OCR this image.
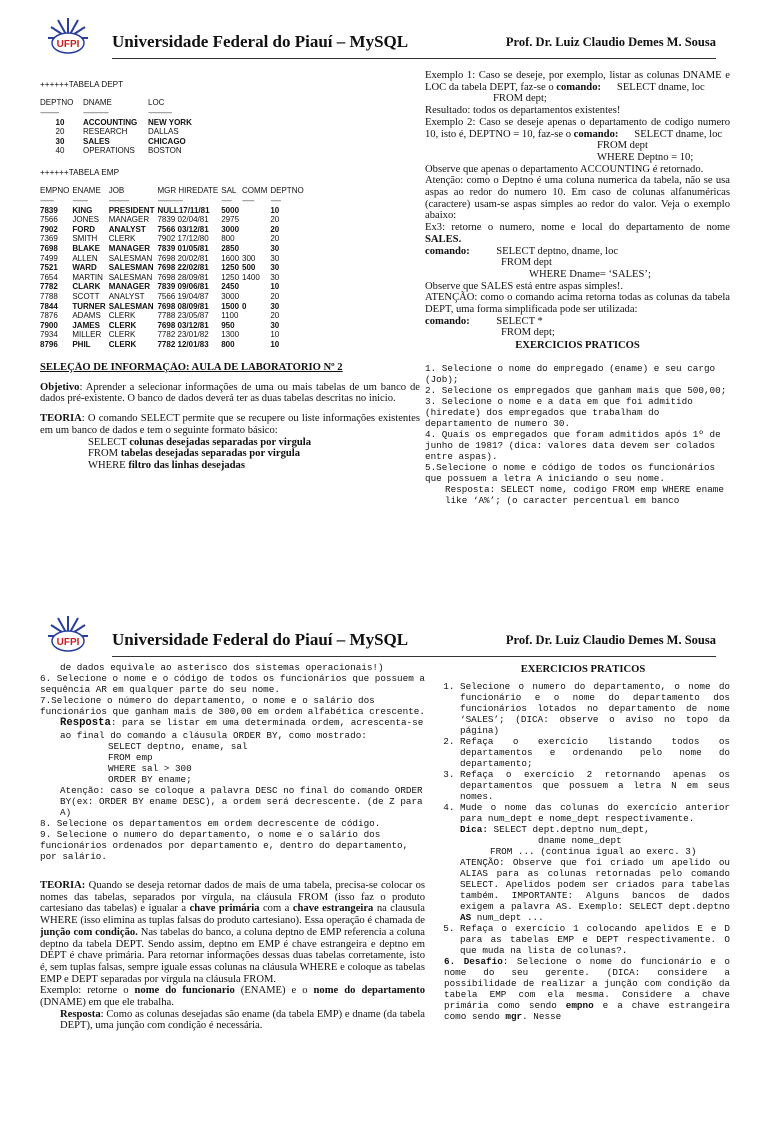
UFPI Universidade Federal do Piauí – MySQL	Prof. Dr. Luiz Claudio Demes M. Sousa
++++++TABELA DEPT
DEPTNO	DNAME	LOC
-----------	---------------	--------------
10	ACCOUNTING	NEW YORK
20	RESEARCH	DALLAS
30	SALES	CHICAGO
40	OPERATIONS	BOSTON
++++++TABELA EMP
EMPNO	ENAME	JOB	MGR HIREDATE	SAL	COMM	DEPTNO
--------	---------	------------	---------------	------	-------	------
7839	KING	PRESIDENT	NULL17/11/81	5000		10
7566	JONES	MANAGER	7839 02/04/81	2975		20
7902	FORD	ANALYST	7566 03/12/81	3000		20
7369	SMITH	CLERK	7902 17/12/80	800		20
7698	BLAKE	MANAGER	7839 01/05/81	2850		30
7499	ALLEN	SALESMAN	7698 20/02/81	1600	300	30
7521	WARD	SALESMAN	7698 22/02/81	1250	500	30
7654	MARTIN	SALESMAN	7698 28/09/81	1250	1400	30
7782	CLARK	MANAGER	7839 09/06/81	2450		10
7788	SCOTT	ANALYST	7566 19/04/87	3000		20
7844	TURNER	SALESMAN	7698 08/09/81	1500	0	30
7876	ADAMS	CLERK	7788 23/05/87	1100		20
7900	JAMES	CLERK	7698 03/12/81	950		30
7934	MILLER	CLERK	7782 23/01/82	1300		10
8796	PHIL	CLERK	7782 12/01/83	800		10
SELEÇÃO DE INFORMAÇÃO: AULA DE LABORATÓRIO Nº 2
Objetivo: Aprender a selecionar informações de uma ou mais tabelas de um banco de dados pré-existente. O banco de dados deverá ter as duas tabelas descritas no inicio.
TEORIA: O comando SELECT permite que se recupere ou liste informações existentes em um banco de dados e tem o seguinte formato básico:
SELECT colunas desejadas separadas por virgula
FROM tabelas desejadas separadas por virgula
WHERE filtro das linhas desejadas
Exemplo 1: Caso se deseje, por exemplo, listar as colunas DNAME e LOC da tabela DEPT, faz-se o comando: SELECT dname, loc
FROM dept;
Resultado: todos os departamentos existentes!
Exemplo 2: Caso se deseje apenas o departamento de codigo numero 10, isto é, DEPTNO = 10, faz-se o comando: SELECT dname, loc
FROM dept
WHERE Deptno = 10;
Observe que apenas o departamento ACCOUNTING é retornado.
Atenção: como o Deptno é uma coluna numerica da tabela, não se usa aspas ao redor do numero 10. Em caso de colunas alfanuméricas (caractere) usam-se aspas simples ao redor do valor. Veja o exemplo abaixo:
Ex3: retorne o numero, nome e local do departamento de nome SALES.
comando: SELECT deptno, dname, loc
FROM dept
WHERE Dname= ‘SALES’;
Observe que SALES está entre aspas simples!.
ATENÇÃO: como o comando acima retorna todas as colunas da tabela DEPT, uma forma simplificada pode ser utilizada:
comando: SELECT *
FROM dept;
EXERCÍCIOS PRÁTICOS
1. Selecione o nome do empregado (ename) e seu cargo (Job);
2. Selecione os empregados que ganham mais que 500,00;
3. Selecione o nome e a data em que foi admitido (hiredate) dos empregados que trabalham do departamento de numero 30.
4. Quais os empregados que foram admitidos após 1º de junho de 1981? (dica: valores data devem ser colados entre aspas).
5.Selecione o nome e código de todos os funcionários que possuem a letra A iniciando o seu nome.
Resposta: SELECT nome, codigo FROM emp WHERE ename like ‘A%’; (o caracter percentual em banco
UFPI Universidade Federal do Piauí – MySQL	Prof. Dr. Luiz Claudio Demes M. Sousa
de dados equivale ao asterisco dos sistemas operacionais!)
6. Selecione o nome e o código de todos os funcionários que possuem a sequência AR em qualquer parte do seu nome.
7.Selecione o número do departamento, o nome e o salário dos funcionários que ganham mais de 300,00 em ordem alfabética crescente.
Resposta: para se listar em uma determinada ordem, acrescenta-se ao final do comando a cláusula ORDER BY, como mostrado:
SELECT deptno, ename, sal
FROM emp
WHERE sal > 300
ORDER BY ename;
Atenção: caso se coloque a palavra DESC no final do comando ORDER BY(ex: ORDER BY ename DESC), a ordem será decrescente. (de Z para A)
8. Selecione os departamentos em ordem decrescente de código.
9. Selecione o numero do departamento, o nome e o salário dos funcionários ordenados por departamento e, dentro do departamento, por salário.
TEORIA: Quando se deseja retornar dados de mais de uma tabela, precisa-se colocar os nomes das tabelas, separados por vírgula, na cláusula FROM (isso faz o produto cartesiano das tabelas) e igualar a chave primária com a chave estrangeira na clausula WHERE (isso elimina as tuplas falsas do produto cartesiano). Essa operação é chamada de junção com condição. Nas tabelas do banco, a coluna deptno de EMP referencia a coluna deptno da tabela DEPT. Sendo assim, deptno em EMP é chave estrangeira e deptno em DEPT é chave primária. Para retornar informações dessas duas tabelas corretamente, isto é, sem tuplas falsas, sempre iguale essas colunas na cláusula WHERE e coloque as tabelas EMP e DEPT separadas por vírgula na cláusula FROM.
Exemplo: retorne o nome do funcionario (ENAME) e o nome do departamento (DNAME) em que ele trabalha.
Resposta: Como as colunas desejadas são ename (da tabela EMP) e dname (da tabela DEPT), uma junção com condição é necessária.
EXERCÍCIOS PRÁTICOS
1. Selecione o numero do departamento, o nome do funcionário e o nome do departamento dos funcionários lotados no departamento de nome ‘SALES’; (DICA: observe o aviso no topo da página)
2. Refaça o exercício listando todos os departamentos e ordenando pelo nome do departamento;
3. Refaça o exercício 2 retornando apenas os departamentos que possuem a letra N em seus nomes.
4. Mude o nome das colunas do exercício anterior para num_dept e nome_dept respectivamente.
Dica: SELECT dept.deptno num_dept,
dname nome_dept
FROM ... (continua igual ao exerc. 3)
ATENÇÃO: Observe que foi criado um apelido ou ALIAS para as colunas retornadas pelo comando SELECT. Apelidos podem ser criados para tabelas também. IMPORTANTE: Alguns bancos de dados exigem a palavra AS. Exemplo: SELECT dept.deptno AS num_dept ...
5. Refaça o exercício 1 colocando apelidos E e D para as tabelas EMP e DEPT respectivamente. O que muda na lista de colunas?.
6. Desafio: Selecione o nome do funcionário e o nome do seu gerente. (DICA: considere a possibilidade de realizar a junção com condição da tabela EMP com ela mesma. Considere a chave primária como sendo empno e a chave estrangeira como sendo mgr. Nesse
